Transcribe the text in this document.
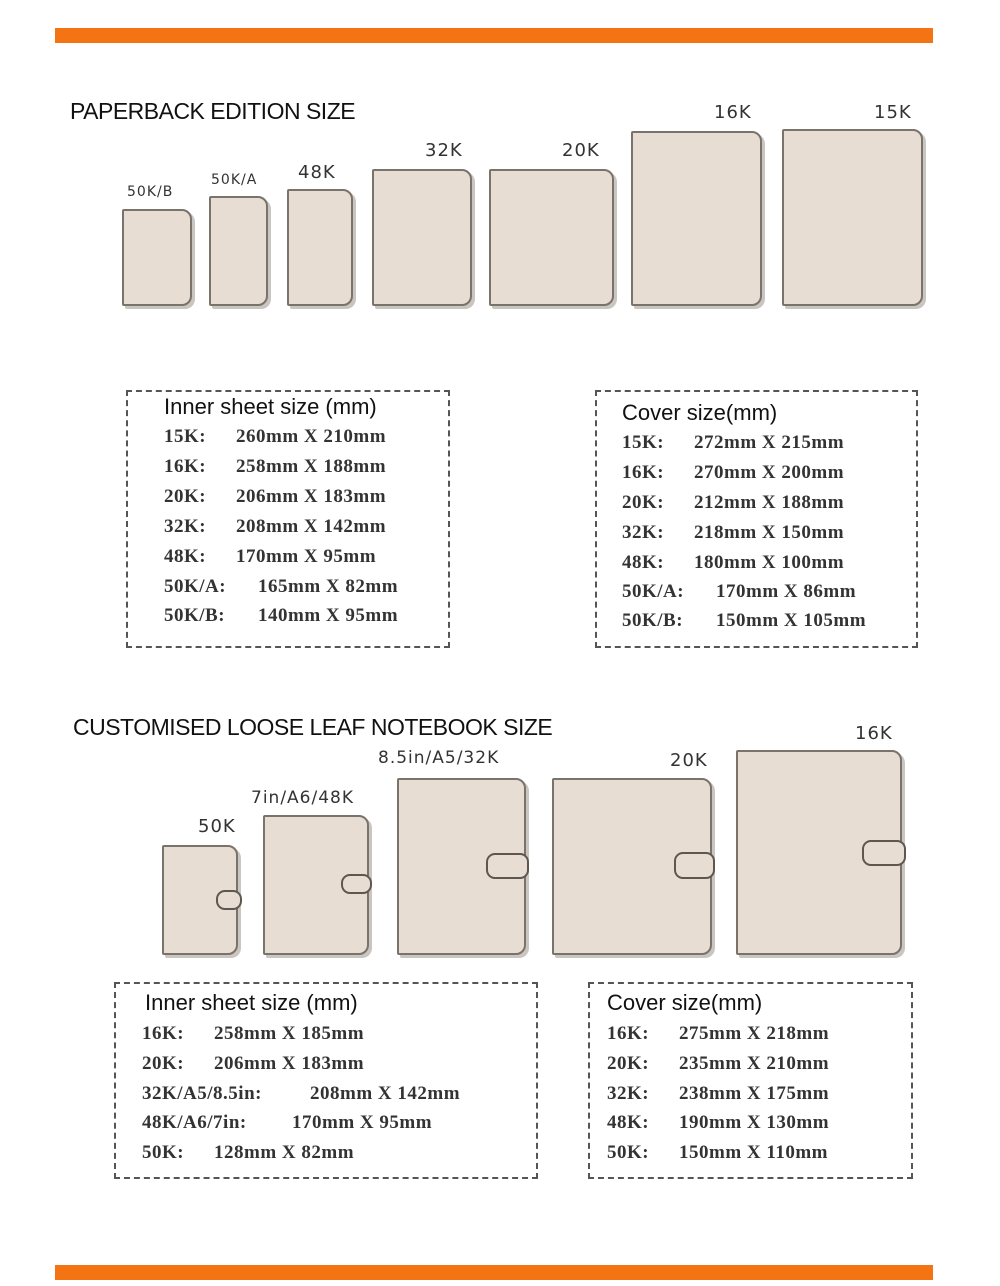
PAPERBACK EDITION SIZE
50K/B
50K/A 48K
32K	20K
16K	15K
Inner sheet size (mm)
15K: 260mm X 210mm
16K: 258mm X 188mm
20K: 206mm X 183mm
32K: 208mm X 142mm
48K: 170mm X 95mm
50K/A: 165mm X 82mm
50K/B: 140mm X 95mm
Cover size(mm)
15K: 272mm X 215mm
16K: 270mm X 200mm
20K: 212mm X 188mm
32K: 218mm X 150mm
48K: 180mm X 100mm
50K/A: 170mm X 86mm
50K/B: 150mm X 105mm
CUSTOMISED LOOSE LEAF NOTEBOOK SIZE
50K
7in/A6/48K
8.5in/A5/32K	20K
16K
Inner sheet size (mm)
16K: 258mm X 185mm
20K: 206mm X 183mm
32K/A5/8.5in:	208mm X 142mm
48K/A6/7in: 170mm X 95mm
50K: 128mm X 82mm
Cover size(mm)
16K: 275mm X 218mm
20K: 235mm X 210mm
32K: 238mm X 175mm
48K: 190mm X 130mm
50K: 150mm X 110mm
